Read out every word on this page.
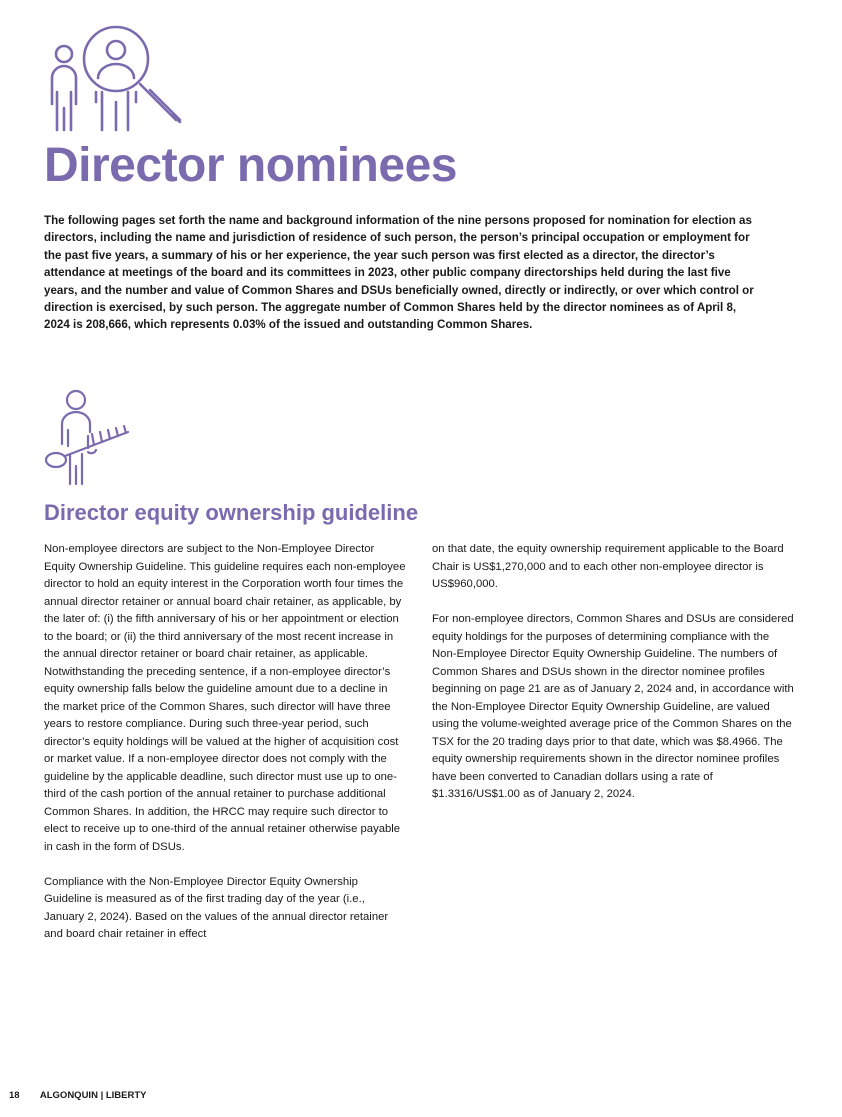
Director nominees

The following pages set forth the name and background information of the nine persons proposed for nomination for election as directors, including the name and jurisdiction of residence of such person, the person’s principal occupation or employment for the past five years, a summary of his or her experience, the year such person was first elected as a director, the director’s attendance at meetings of the board and its committees in 2023, other public company directorships held during the last five years, and the number and value of Common Shares and DSUs beneficially owned, directly or indirectly, or over which control or direction is exercised, by such person. The aggregate number of Common Shares held by the director nominees as of April 8, 2024 is 208,666, which represents 0.03% of the issued and outstanding Common Shares.

Director equity ownership guideline

Non-employee directors are subject to the Non-Employee Director Equity Ownership Guideline. This guideline requires each non-employee director to hold an equity interest in the Corporation worth four times the annual director retainer or annual board chair retainer, as applicable, by the later of: (i) the fifth anniversary of his or her appointment or election to the board; or (ii) the third anniversary of the most recent increase in the annual director retainer or board chair retainer, as applicable. Notwithstanding the preceding sentence, if a non-employee director’s equity ownership falls below the guideline amount due to a decline in the market price of the Common Shares, such director will have three years to restore compliance. During such three-year period, such director’s equity holdings will be valued at the higher of acquisition cost or market value. If a non-employee director does not comply with the guideline by the applicable deadline, such director must use up to one-third of the cash portion of the annual retainer to purchase additional Common Shares. In addition, the HRCC may require such director to elect to receive up to one-third of the annual retainer otherwise payable in cash in the form of DSUs.

Compliance with the Non-Employee Director Equity Ownership Guideline is measured as of the first trading day of the year (i.e., January 2, 2024). Based on the values of the annual director retainer and board chair retainer in effect

on that date, the equity ownership requirement applicable to the Board Chair is US$1,270,000 and to each other non-employee director is US$960,000.

For non-employee directors, Common Shares and DSUs are considered equity holdings for the purposes of determining compliance with the Non-Employee Director Equity Ownership Guideline. The numbers of Common Shares and DSUs shown in the director nominee profiles beginning on page 21 are as of January 2, 2024 and, in accordance with the Non-Employee Director Equity Ownership Guideline, are valued using the volume-weighted average price of the Common Shares on the TSX for the 20 trading days prior to that date, which was $8.4966. The equity ownership requirements shown in the director nominee profiles have been converted to Canadian dollars using a rate of $1.3316/US$1.00 as of January 2, 2024.

18 ALGONQUIN | LIBERTY
